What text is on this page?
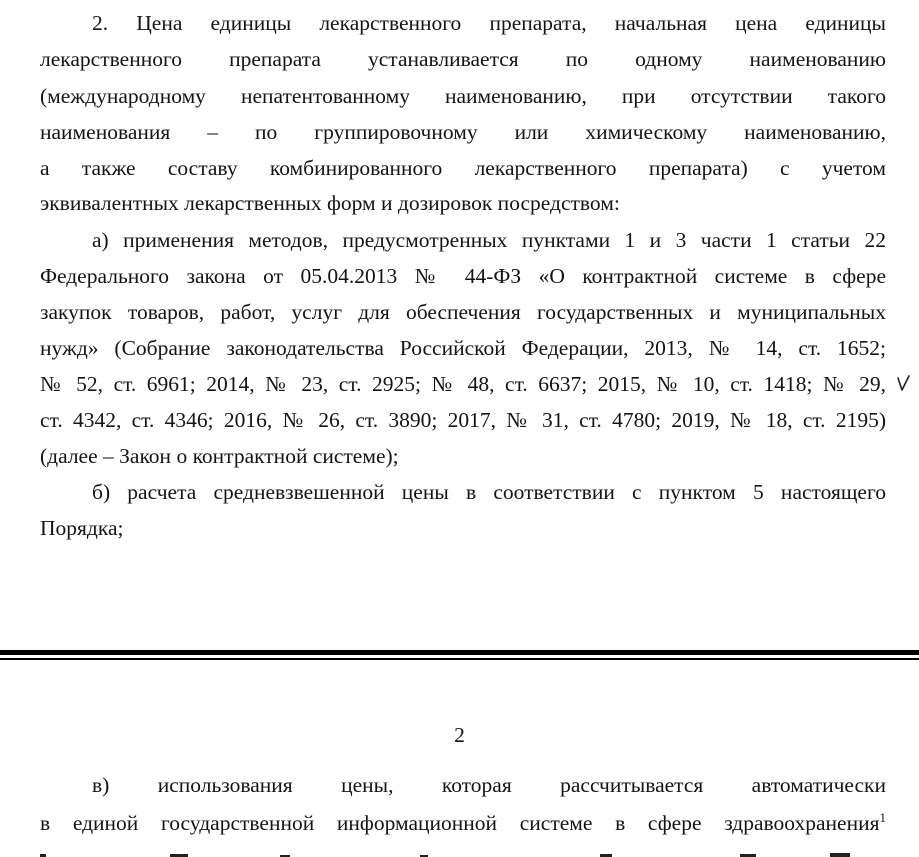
2. Цена единицы лекарственного препарата, начальная цена единицы
лекарственного препарата устанавливается по одному наименованию
(международному непатентованному наименованию, при отсутствии такого
наименования – по группировочному или химическому наименованию,
а также составу комбинированного лекарственного препарата) с учетом
эквивалентных лекарственных форм и дозировок посредством:
а) применения методов, предусмотренных пунктами 1 и 3 части 1 статьи 22
Федерального закона от 05.04.2013 № 44-ФЗ «О контрактной системе в сфере
закупок товаров, работ, услуг для обеспечения государственных и муниципальных
нужд» (Собрание законодательства Российской Федерации, 2013, № 14, ст. 1652;
№ 52, ст. 6961; 2014, № 23, ст. 2925; № 48, ст. 6637; 2015, № 10, ст. 1418; № 29,
ст. 4342, ст. 4346; 2016, № 26, ст. 3890; 2017, № 31, ст. 4780; 2019, № 18, ст. 2195)
(далее – Закон о контрактной системе);
б) расчета средневзвешенной цены в соответствии с пунктом 5 настоящего
Порядка;
2
в) использования цены, которая рассчитывается автоматически
в единой государственной информационной системе в сфере здравоохранения$^1$
